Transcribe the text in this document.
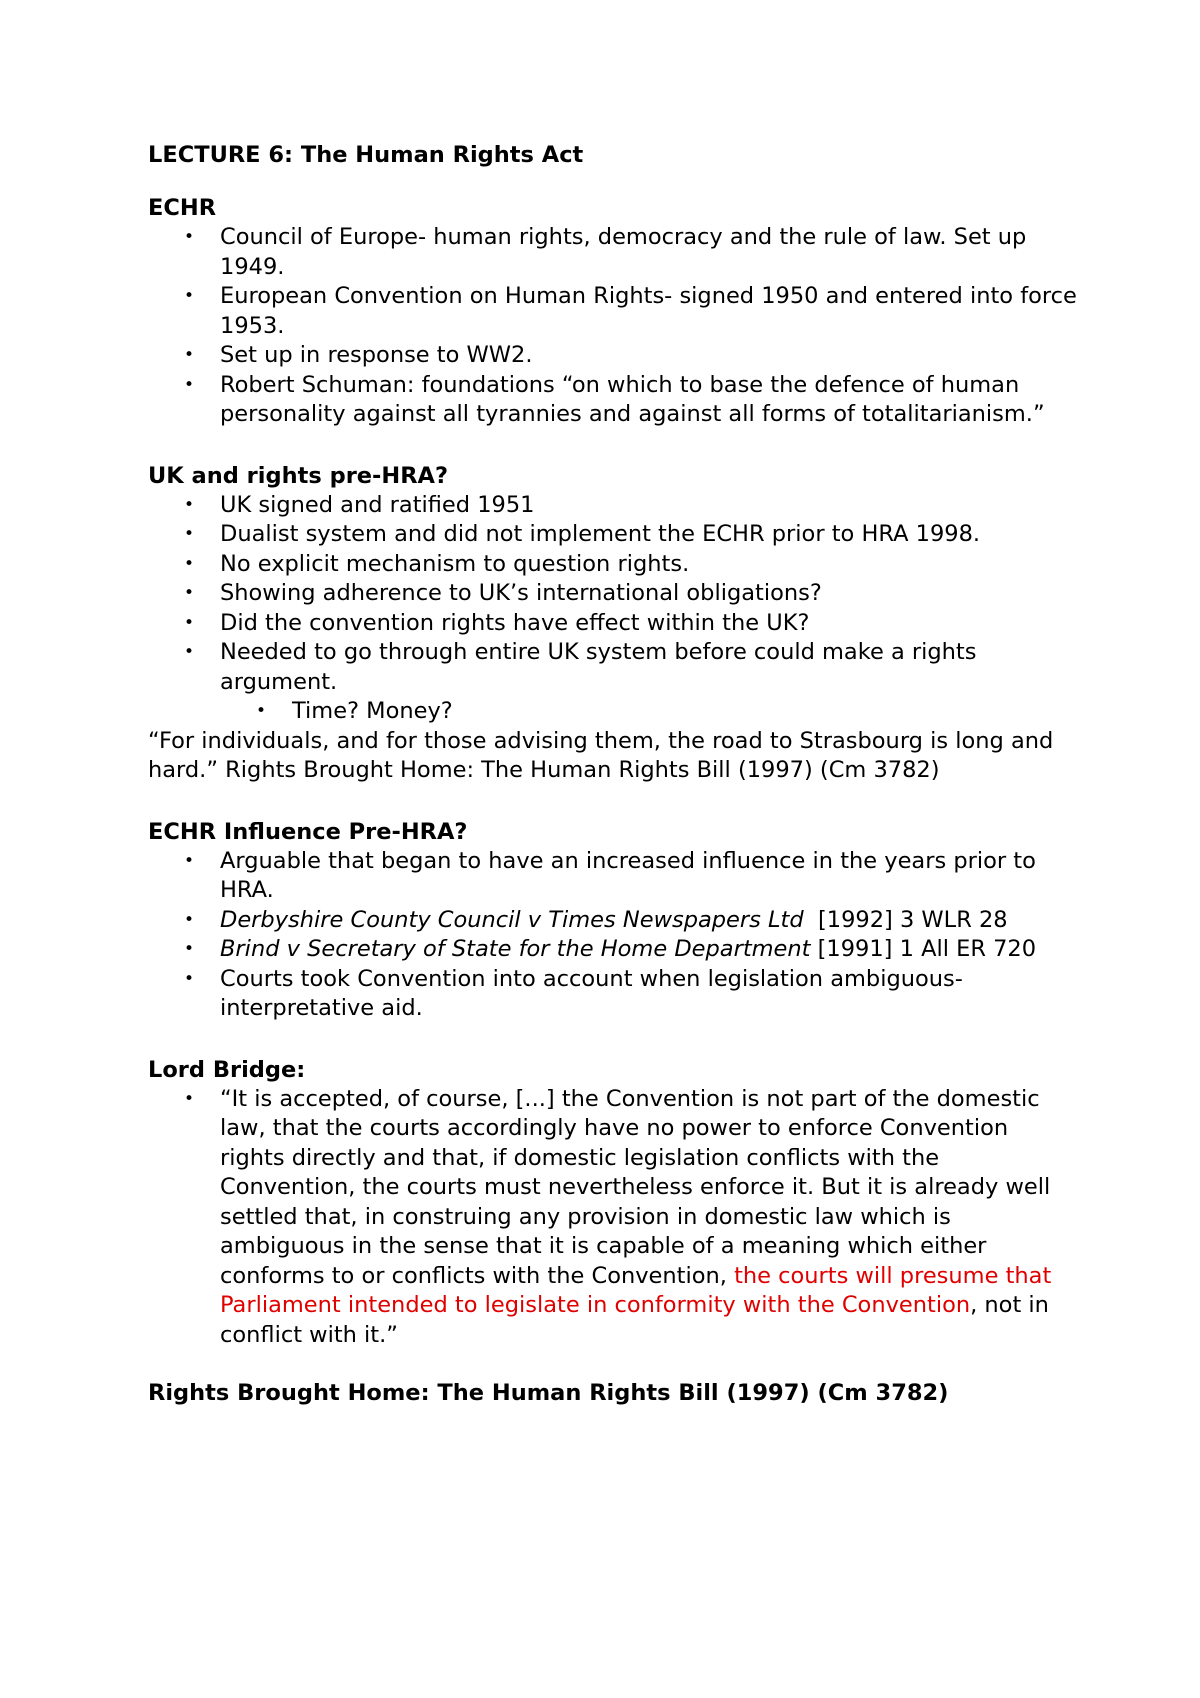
LECTURE 6: The Human Rights Act
ECHR
• Council of Europe- human rights, democracy and the rule of law. Set up 1949.
• European Convention on Human Rights- signed 1950 and entered into force 1953.
• Set up in response to WW2.
• Robert Schuman: foundations “on which to base the defence of human personality against all tyrannies and against all forms of totalitarianism.”
UK and rights pre-HRA?
• UK signed and ratified 1951
• Dualist system and did not implement the ECHR prior to HRA 1998.
• No explicit mechanism to question rights.
• Showing adherence to UK’s international obligations?
• Did the convention rights have effect within the UK?
• Needed to go through entire UK system before could make a rights argument.
• Time? Money?

“For individuals, and for those advising them, the road to Strasbourg is long and hard.” Rights Brought Home: The Human Rights Bill (1997) (Cm 3782)

ECHR Influence Pre-HRA?
• Arguable that began to have an increased influence in the years prior to HRA.
• Derbyshire County Council v Times Newspapers Ltd  [1992] 3 WLR 28
• Brind v Secretary of State for the Home Department [1991] 1 All ER 720
• Courts took Convention into account when legislation ambiguous- interpretative aid.
Lord Bridge:
• “It is accepted, of course, [...] the Convention is not part of the domestic law, that the courts accordingly have no power to enforce Convention rights directly and that, if domestic legislation conflicts with the Convention, the courts must nevertheless enforce it. But it is already well settled that, in construing any provision in domestic law which is ambiguous in the sense that it is capable of a meaning which either conforms to or conflicts with the Convention, the courts will presume that Parliament intended to legislate in conformity with the Convention, not in conflict with it.”
Rights Brought Home: The Human Rights Bill (1997) (Cm 3782)
